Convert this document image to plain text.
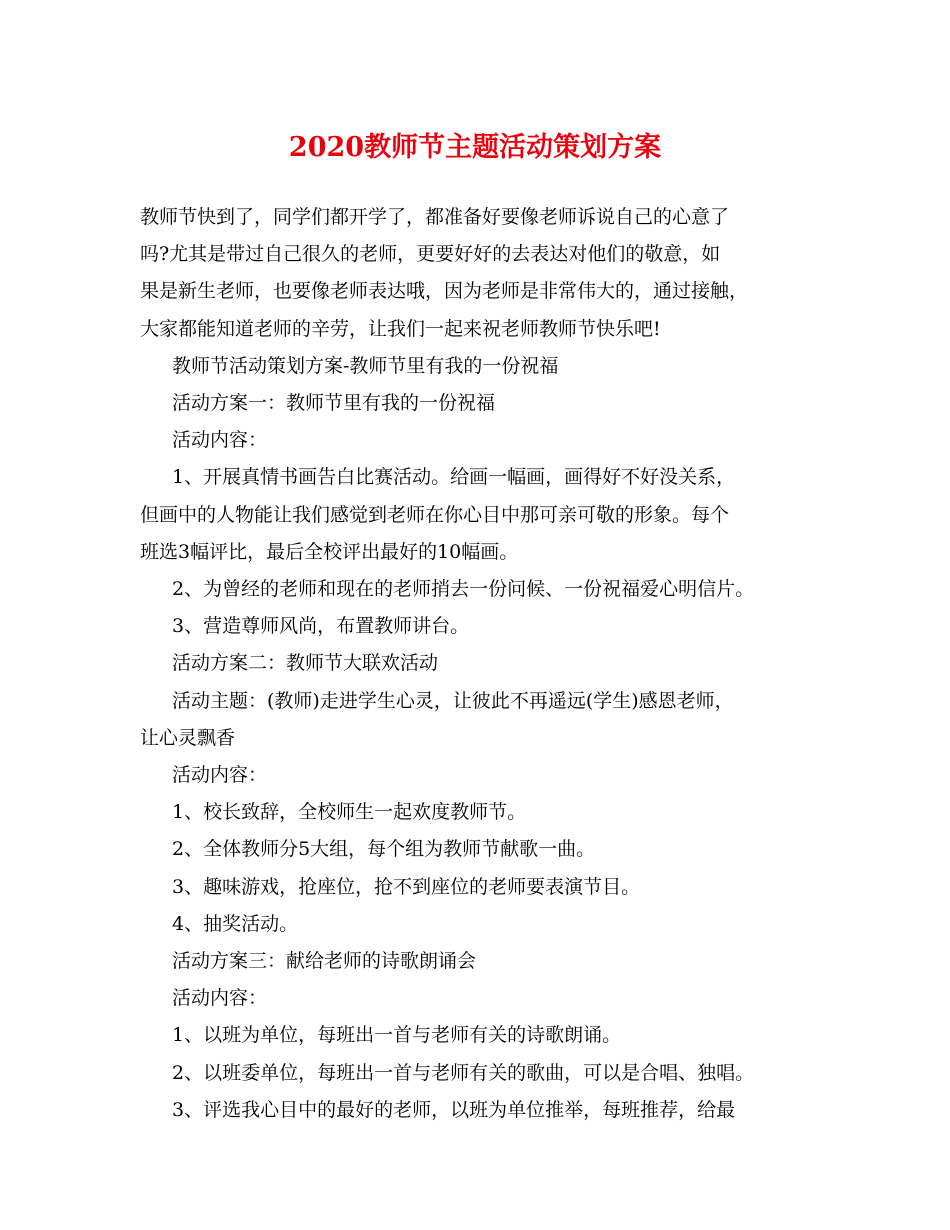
2020教师节主题活动策划方案
教师节快到了，同学们都开学了，都准备好要像老师诉说自己的心意了
吗?尤其是带过自己很久的老师，更要好好的去表达对他们的敬意，如
果是新生老师，也要像老师表达哦，因为老师是非常伟大的，通过接触，
大家都能知道老师的辛劳，让我们一起来祝老师教师节快乐吧!
教师节活动策划方案-教师节里有我的一份祝福
活动方案一：教师节里有我的一份祝福
活动内容：
1、开展真情书画告白比赛活动。给画一幅画，画得好不好没关系，
但画中的人物能让我们感觉到老师在你心目中那可亲可敬的形象。每个
班选3幅评比，最后全校评出最好的10幅画。
2、为曾经的老师和现在的老师捎去一份问候、一份祝福爱心明信片。
3、营造尊师风尚，布置教师讲台。
活动方案二：教师节大联欢活动
活动主题：(教师)走进学生心灵，让彼此不再遥远(学生)感恩老师，
让心灵飘香
活动内容：
1、校长致辞，全校师生一起欢度教师节。
2、全体教师分5大组，每个组为教师节献歌一曲。
3、趣味游戏，抢座位，抢不到座位的老师要表演节目。
4、抽奖活动。
活动方案三：献给老师的诗歌朗诵会
活动内容：
1、以班为单位，每班出一首与老师有关的诗歌朗诵。
2、以班委单位，每班出一首与老师有关的歌曲，可以是合唱、独唱。
3、评选我心目中的最好的老师，以班为单位推举，每班推荐，给最
